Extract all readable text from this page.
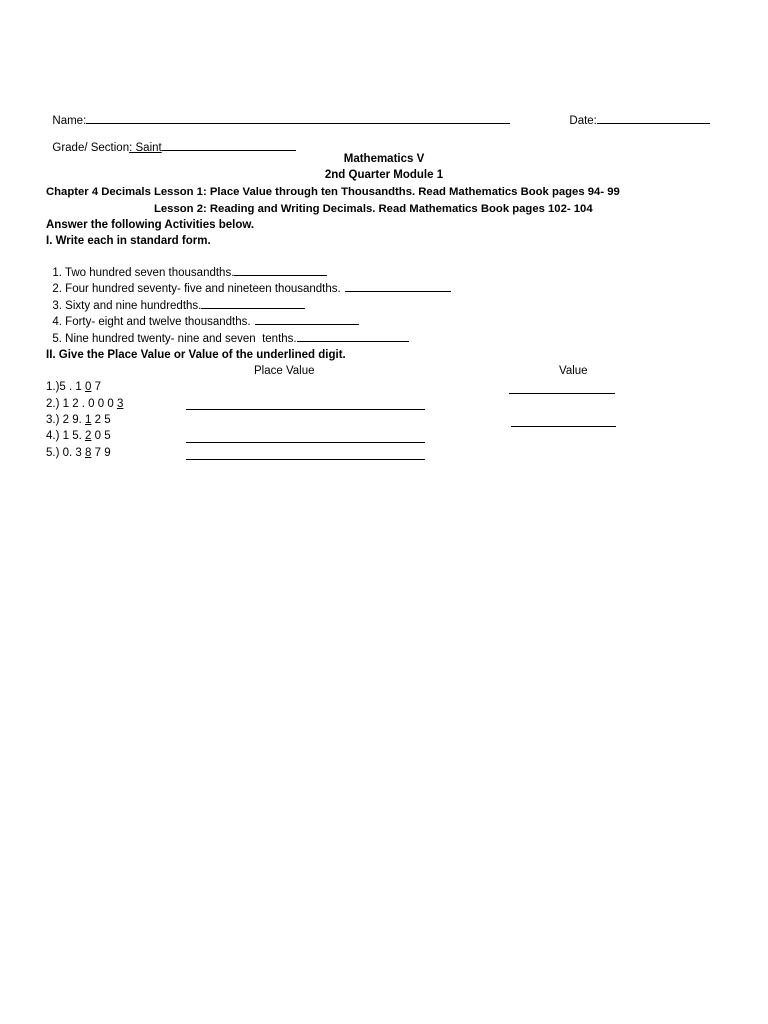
Name:	Date:

Grade/ Section: Saint

Mathematics V
2nd Quarter Module 1
Chapter 4 Decimals Lesson 1: Place Value through ten Thousandths. Read Mathematics Book pages 94- 99
Lesson 2: Reading and Writing Decimals. Read Mathematics Book pages 102- 104
Answer the following Activities below.
I. Write each in standard form.

1. Two hundred seven thousandths.

2. Four hundred seventy- five and nineteen thousandths.

3. Sixty and nine hundredths.

4. Forty- eight and twelve thousandths.

5. Nine hundred twenty- nine and seven  tenths.

II. Give the Place Value or Value of the underlined digit.
Place Value	Value
1.)5 . 1 0 7
2.) 1 2 . 0 0 0 3
3.) 2 9. 1 2 5
4.) 1 5. 2 0 5
5.) 0. 3 8 7 9
